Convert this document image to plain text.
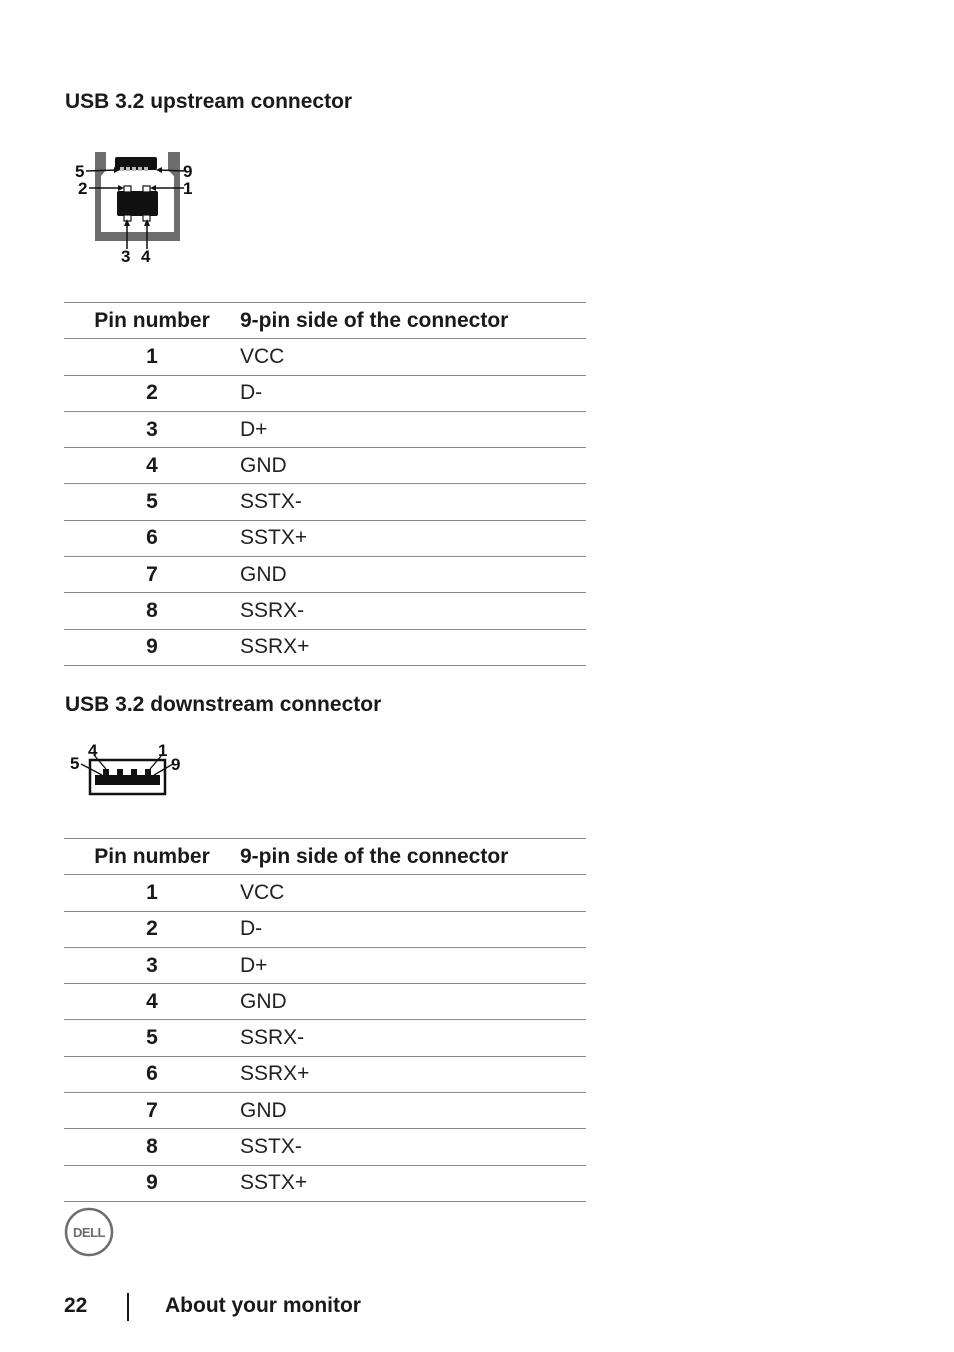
USB 3.2 upstream connector
5	9
2	1
3 4
Pin number	9-pin side of the connector
1	VCC
2	D-
3	D+
4	GND
5	SSTX-
6	SSTX+
7	GND
8	SSRX-
9	SSRX+
USB 3.2 downstream connector
5
4	1
9
Pin number	9-pin side of the connector
1	VCC
2	D-
3	D+
4	GND
5	SSRX-
6	SSRX+
7	GND
8	SSTX-
9	SSTX+
DELL
22	About your monitor
